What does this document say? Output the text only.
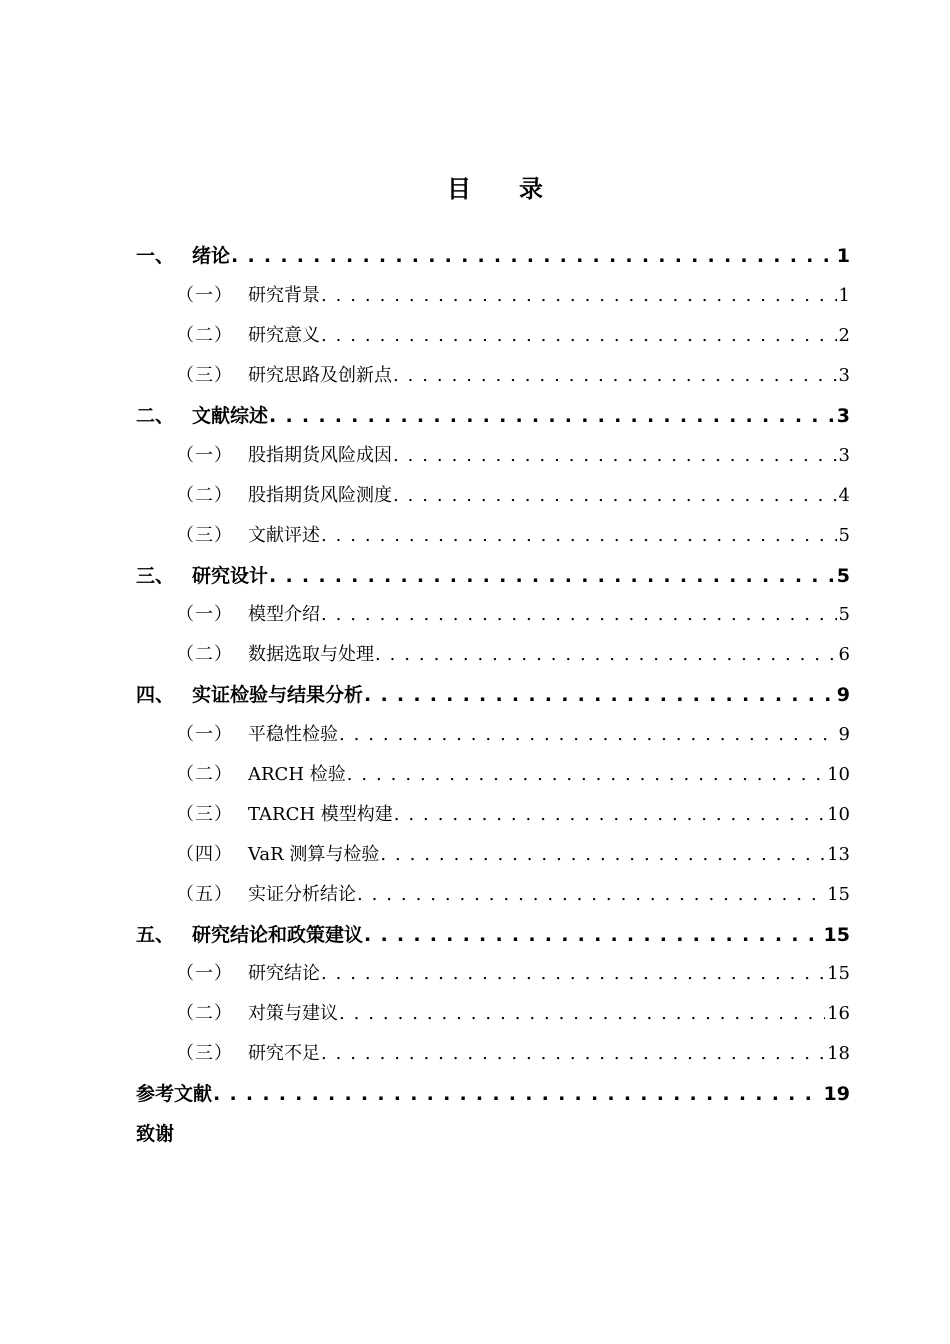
目　　录
一、 绪论 . . .	1
（一） 研究背景 . . .	1
（二） 研究意义 . . .	2
（三） 研究思路及创新点 . . .	3
二、 文献综述 . . .	3
（一） 股指期货风险成因 . . .	3
（二） 股指期货风险测度 . . .	4
（三） 文献评述 . . .	5
三、 研究设计 . . .	5
（一） 模型介绍 . . .	5
（二） 数据选取与处理 . . .	6
四、 实证检验与结果分析 . . .	9
（一） 平稳性检验 . . .	9
（二） ARCH 检验 . . .	10
（三） TARCH 模型构建 . . .	10
（四） VaR 测算与检验 . . .	13
（五） 实证分析结论 . . .	15
五、 研究结论和政策建议 . . .	15
（一） 研究结论 . . .	15
（二） 对策与建议 . . .	16
（三） 研究不足 . . .	18
参考文献 . . .	19
致谢
